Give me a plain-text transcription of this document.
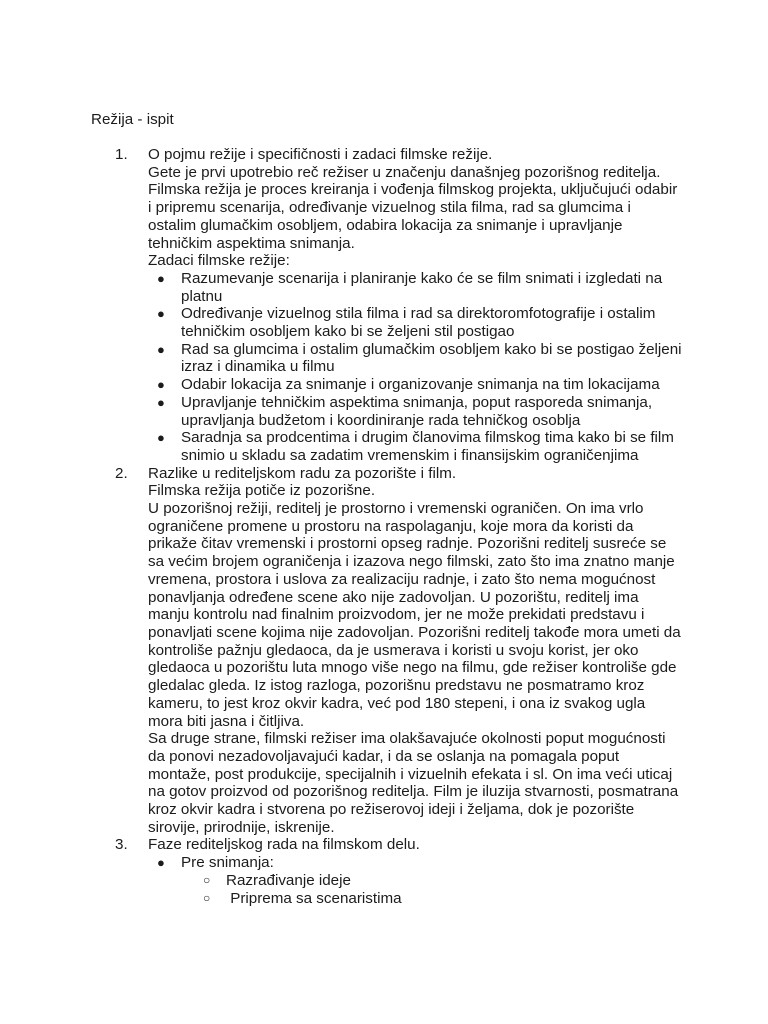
Režija - ispit
1. O pojmu režije i specifičnosti i zadaci filmske režije.
Gete je prvi upotrebio reč režiser u značenju današnjeg pozorišnog reditelja.
Filmska režija je proces kreiranja i vođenja filmskog projekta, uključujući odabir
i pripremu scenarija, određivanje vizuelnog stila filma, rad sa glumcima i
ostalim glumačkim osobljem, odabira lokacija za snimanje i upravljanje
tehničkim aspektima snimanja.
Zadaci filmske režije:
● Razumevanje scenarija i planiranje kako će se film snimati i izgledati na
platnu
● Određivanje vizuelnog stila filma i rad sa direktoromfotografije i ostalim
tehničkim osobljem kako bi se željeni stil postigao
● Rad sa glumcima i ostalim glumačkim osobljem kako bi se postigao željeni
izraz i dinamika u filmu
● Odabir lokacija za snimanje i organizovanje snimanja na tim lokacijama
● Upravljanje tehničkim aspektima snimanja, poput rasporeda snimanja,
upravljanja budžetom i koordiniranje rada tehničkog osoblja
● Saradnja sa prodcentima i drugim članovima filmskog tima kako bi se film
snimio u skladu sa zadatim vremenskim i finansijskim ograničenjima
2. Razlike u rediteljskom radu za pozorište i film.
Filmska režija potiče iz pozorišne.
U pozorišnoj režiji, reditelj je prostorno i vremenski ograničen. On ima vrlo
ograničene promene u prostoru na raspolaganju, koje mora da koristi da
prikaže čitav vremenski i prostorni opseg radnje. Pozorišni reditelj susreće se
sa većim brojem ograničenja i izazova nego filmski, zato što ima znatno manje
vremena, prostora i uslova za realizaciju radnje, i zato što nema mogućnost
ponavljanja određene scene ako nije zadovoljan. U pozorištu, reditelj ima
manju kontrolu nad finalnim proizvodom, jer ne može prekidati predstavu i
ponavljati scene kojima nije zadovoljan. Pozorišni reditelj takođe mora umeti da
kontroliše pažnju gledaoca, da je usmerava i koristi u svoju korist, jer oko
gledaoca u pozorištu luta mnogo više nego na filmu, gde režiser kontroliše gde
gledalac gleda. Iz istog razloga, pozorišnu predstavu ne posmatramo kroz
kameru, to jest kroz okvir kadra, već pod 180 stepeni, i ona iz svakog ugla
mora biti jasna i čitljiva.
Sa druge strane, filmski režiser ima olakšavajuće okolnosti poput mogućnosti
da ponovi nezadovoljavajući kadar, i da se oslanja na pomagala poput
montaže, post produkcije, specijalnih i vizuelnih efekata i sl. On ima veći uticaj
na gotov proizvod od pozorišnog reditelja. Film je iluzija stvarnosti, posmatrana
kroz okvir kadra i stvorena po režiserovoj ideji i željama, dok je pozorište
sirovije, prirodnije, iskrenije.
3. Faze rediteljskog rada na filmskom delu.
● Pre snimanja:
○ Razrađivanje ideje
○ Priprema sa scenaristima
